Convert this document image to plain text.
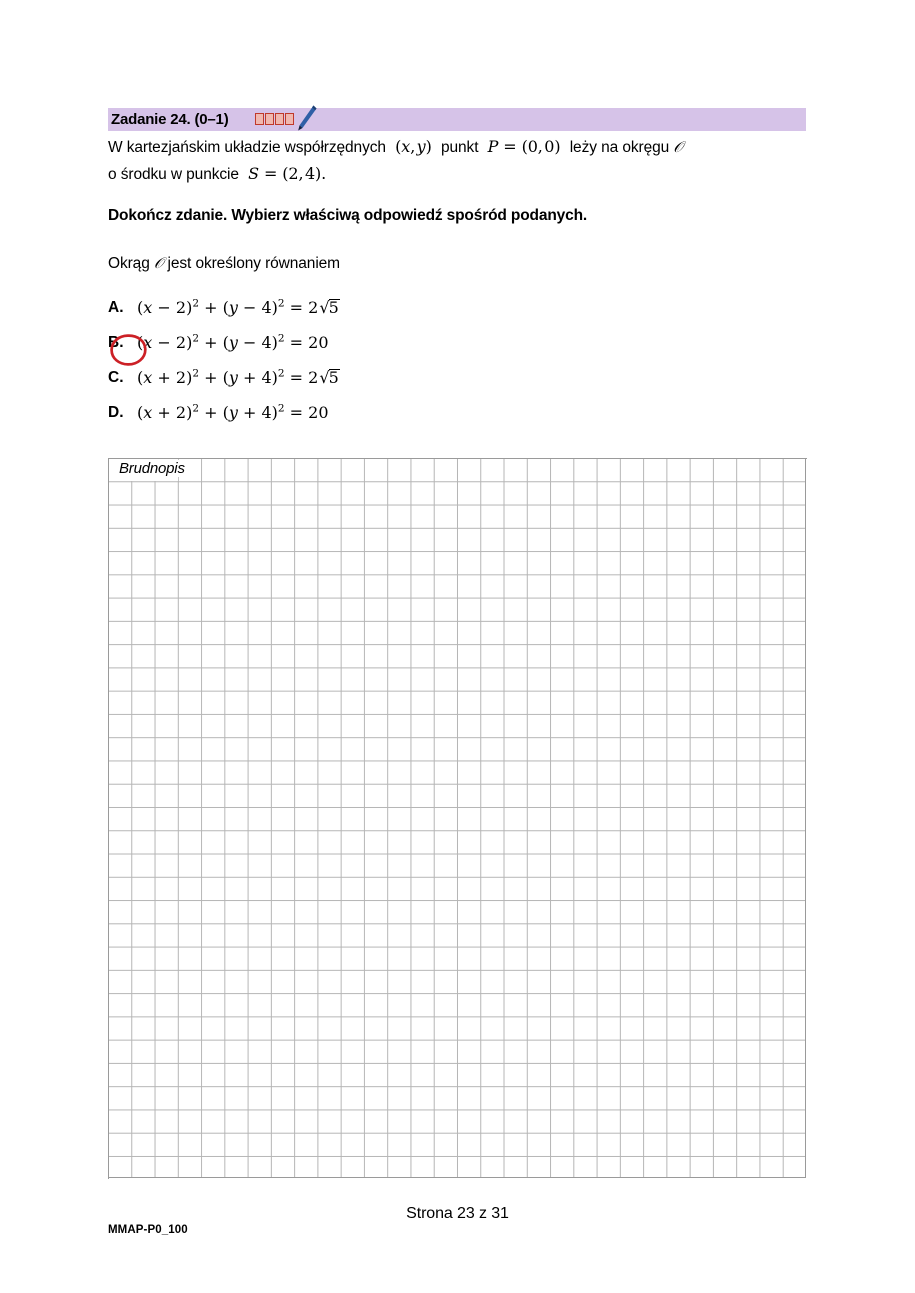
Zadanie 24. (0–1)
W kartezjańskim układzie współrzędnych  (x, y)  punkt P = (0, 0)  leży na okręgu 𝒪
o środku w punkcie S = (2, 4).
Dokończ zdanie. Wybierz właściwą odpowiedź spośród podanych.
Okrąg 𝒪 jest określony równaniem
A. $(x - 2)^2 + (y - 4)^2 = 2√5$
B. $(x - 2)^2 + (y - 4)^2 = 20$
C. $(x + 2)^2 + (y + 4)^2 = 2√5$
D. $(x + 2)^2 + (y + 4)^2 = 20$
Brudnopis
Strona 23 z 31
MMAP-P0_100
